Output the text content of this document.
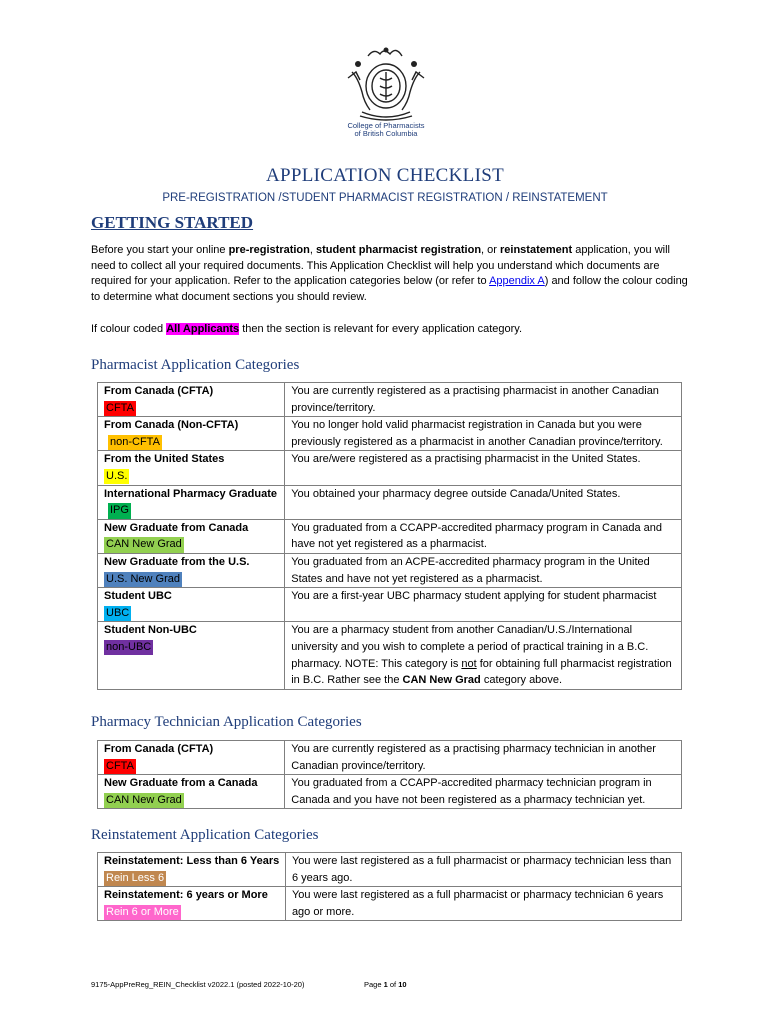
College of Pharmacists
of British Columbia
APPLICATION CHECKLIST
PRE-REGISTRATION /STUDENT PHARMACIST REGISTRATION / REINSTATEMENT
GETTING STARTED
Before you start your online pre-registration, student pharmacist registration, or reinstatement application, you will need to collect all your required documents. This Application Checklist will help you understand which documents are required for your application. Refer to the application categories below (or refer to Appendix A) and follow the colour coding to determine what document sections you should review.
If colour coded All Applicants then the section is relevant for every application category.
Pharmacist Application Categories
From Canada (CFTA)
CFTA	You are currently registered as a practising pharmacist in another Canadian province/territory.

From Canada (Non-CFTA)
non-CFTA	You no longer hold valid pharmacist registration in Canada but you were previously registered as a pharmacist in another Canadian province/territory.

From the United States
U.S.	You are/were registered as a practising pharmacist in the United States.

International Pharmacy Graduate
IPG	You obtained your pharmacy degree outside Canada/United States.

New Graduate from Canada
CAN New Grad	You graduated from a CCAPP-accredited pharmacy program in Canada and have not yet registered as a pharmacist.

New Graduate from the U.S.
U.S. New Grad	You graduated from an ACPE-accredited pharmacy program in the United States and have not yet registered as a pharmacist.

Student UBC
UBC	You are a first-year UBC pharmacy student applying for student pharmacist

Student Non-UBC
non-UBC	You are a pharmacy student from another Canadian/U.S./International university and you wish to complete a period of practical training in a B.C. pharmacy. NOTE: This category is not for obtaining full pharmacist registration in B.C. Rather see the CAN New Grad category above.
Pharmacy Technician Application Categories
From Canada (CFTA)
CFTA	You are currently registered as a practising pharmacy technician in another Canadian province/territory.

New Graduate from a Canada
CAN New Grad	You graduated from a CCAPP-accredited pharmacy technician program in Canada and you have not been registered as a pharmacy technician yet.
Reinstatement Application Categories
Reinstatement: Less than 6 Years
Rein Less 6	You were last registered as a full pharmacist or pharmacy technician less than 6 years ago.

Reinstatement: 6 years or More
Rein 6 or More	You were last registered as a full pharmacist or pharmacy technician 6 years ago or more.
9175-AppPreReg_REIN_Checklist v2022.1 (posted 2022-10-20)	Page 1 of 10
